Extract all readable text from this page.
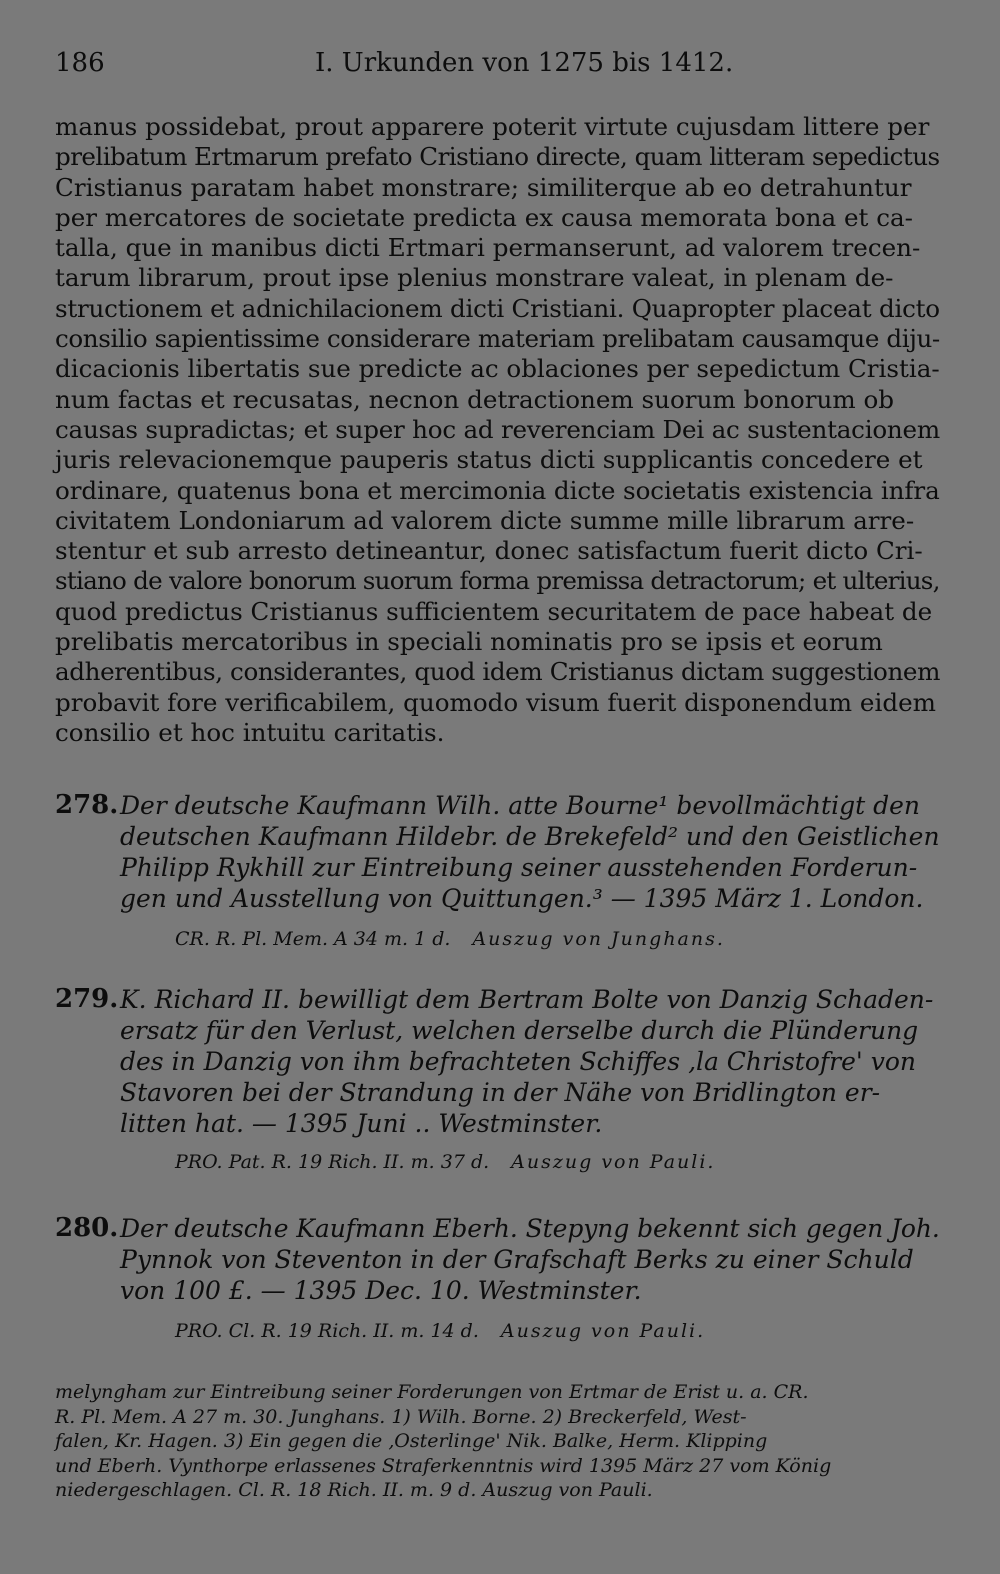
186	I. Urkunden von 1275 bis 1412.
manus possidebat, prout apparere poterit virtute cujusdam littere per
prelibatum Ertmarum prefato Cristiano directe, quam litteram sepedictus
Cristianus paratam habet monstrare; similiterque ab eo detrahuntur
per mercatores de societate predicta ex causa memorata bona et ca-
talla, que in manibus dicti Ertmari permanserunt, ad valorem trecen-
tarum librarum, prout ipse plenius monstrare valeat, in plenam de-
structionem et adnichilacionem dicti Cristiani. Quapropter placeat dicto
consilio sapientissime considerare materiam prelibatam causamque diju-
dicacionis libertatis sue predicte ac oblaciones per sepedictum Cristia-
num factas et recusatas, necnon detractionem suorum bonorum ob
causas supradictas; et super hoc ad reverenciam Dei ac sustentacionem
juris relevacionemque pauperis status dicti supplicantis concedere et
ordinare, quatenus bona et mercimonia dicte societatis existencia infra
civitatem Londoniarum ad valorem dicte summe mille librarum arre-
stentur et sub arresto detineantur, donec satisfactum fuerit dicto Cri-
stiano de valore bonorum suorum forma premissa detractorum; et ulterius,
quod predictus Cristianus sufficientem securitatem de pace habeat de
prelibatis mercatoribus in speciali nominatis pro se ipsis et eorum
adherentibus, considerantes, quod idem Cristianus dictam suggestionem
probavit fore verificabilem, quomodo visum fuerit disponendum eidem
consilio et hoc intuitu caritatis.
278. Der deutsche Kaufmann Wilh. atte Bourne¹ bevollmächtigt den
deutschen Kaufmann Hildebr. de Brekefeld² und den Geistlichen
Philipp Rykhill zur Eintreibung seiner ausstehenden Forderun-
gen und Ausstellung von Quittungen.³ — 1395 März 1. London.
CR. R. Pl. Mem. A 34 m. 1 d. Auszug von Junghans.
279. K. Richard II. bewilligt dem Bertram Bolte von Danzig Schaden-
ersatz für den Verlust, welchen derselbe durch die Plünderung
des in Danzig von ihm befrachteten Schiffes ‚la Christofre' von
Stavoren bei der Strandung in der Nähe von Bridlington er-
litten hat. — 1395 Juni .. Westminster.
PRO. Pat. R. 19 Rich. II. m. 37 d. Auszug von Pauli.
280. Der deutsche Kaufmann Eberh. Stepyng bekennt sich gegen Joh.
Pynnok von Steventon in der Grafschaft Berks zu einer Schuld
von 100 £. — 1395 Dec. 10. Westminster.
PRO. Cl. R. 19 Rich. II. m. 14 d. Auszug von Pauli.
melyngham zur Eintreibung seiner Forderungen von Ertmar de Erist u. a. CR.
R. Pl. Mem. A 27 m. 30. Junghans. 1) Wilh. Borne. 2) Breckerfeld, West-
falen, Kr. Hagen. 3) Ein gegen die ‚Osterlinge' Nik. Balke, Herm. Klipping
und Eberh. Vynthorpe erlassenes Straferkenntnis wird 1395 März 27 vom König
niedergeschlagen. Cl. R. 18 Rich. II. m. 9 d. Auszug von Pauli.
